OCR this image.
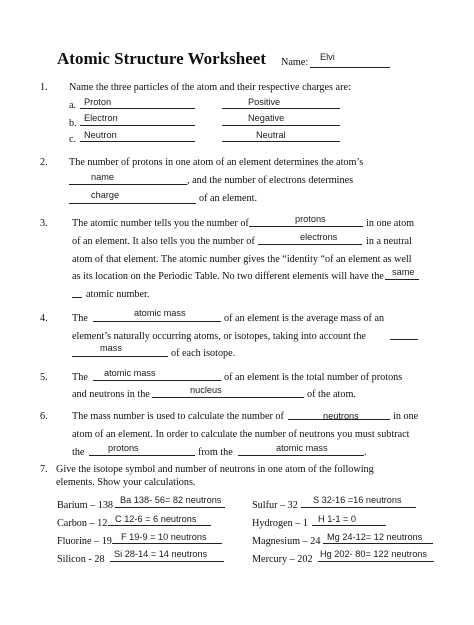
Atomic Structure Worksheet Name: Elvi
1. Name the three particles of the atom and their respective charges are:
a. Proton	Positive
b. Electron	Negative
c. Neutron	Neutral
2. The number of protons in one atom of an element determines the atom’s
name	, and the number of electrons determines
charge	of an element.
3. The atomic number tells you the number of	protons	in one atom
of an element. It also tells you the number of	electrons	in a neutral
atom of that element. The atomic number gives the “identity “of an element as well
as its location on the Periodic Table. No two different elements will have the same
atomic number.
4. The	atomic mass	of an element is the average mass of an
element’s naturally occurring atoms, or isotopes, taking into account the
mass	of each isotope.
5. The atomic mass	of an element is the total number of protons
and neutrons in the	nucleus	of the atom.
6. The mass number is used to calculate the number of	neutrons	in one
atom of an element. In order to calculate the number of neutrons you must subtract
the	protons	from the	atomic mass	.
7. Give the isotope symbol and number of neutrons in one atom of the following
elements. Show your calculations.
Barium – 138 Ba 138- 56= 82 neutrons
Carbon – 12 C 12-6 = 6 neutrons
Fluorine – 19 F 19-9 = 10 neutrons
Silicon - 28 Si 28-14 = 14 neutrons
Sulfur – 32 S 32-16 =16 neutrons
Hydrogen – 1 H 1-1 = 0
Magnesium – 24 Mg 24-12= 12 neutrons
Mercury – 202 Hg 202- 80= 122 neutrons
